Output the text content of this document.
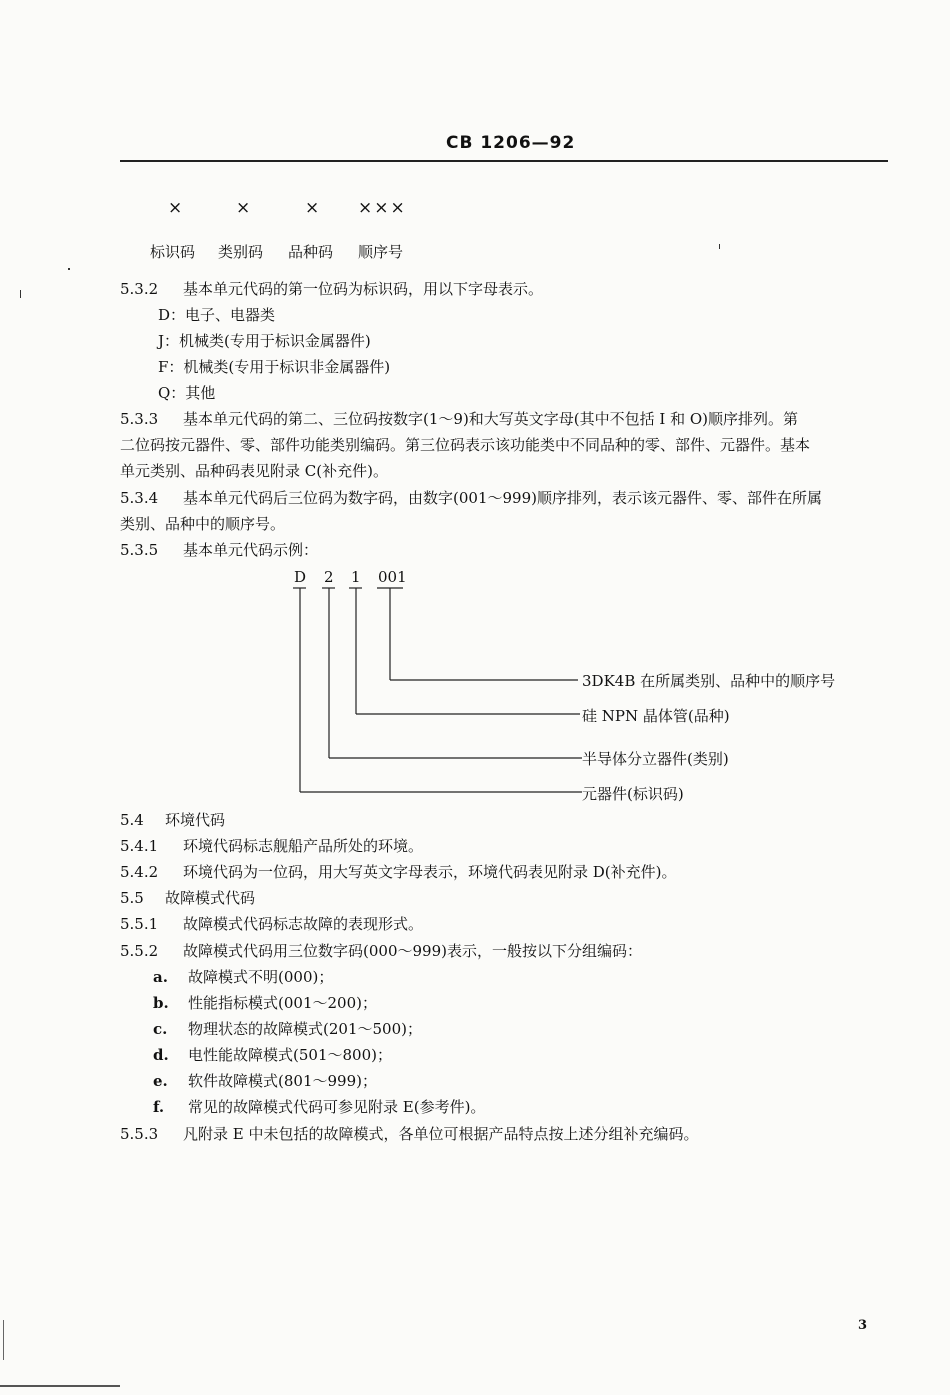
CB 1206—92
×	×	× ×××
标识码 类别码 品种码 顺序号
5.3.2 基本单元代码的第一位码为标识码，用以下字母表示。
D：电子、电器类
J：机械类(专用于标识金属器件)
F：机械类(专用于标识非金属器件)
Q：其他
5.3.3 基本单元代码的第二、三位码按数字(1～9)和大写英文字母(其中不包括 I 和 O)顺序排列。第
二位码按元器件、零、部件功能类别编码。第三位码表示该功能类中不同品种的零、部件、元器件。基本
单元类别、品种码表见附录 C(补充件)。
5.3.4 基本单元代码后三位码为数字码，由数字(001～999)顺序排列，表示该元器件、零、部件在所属
类别、品种中的顺序号。
5.3.5 基本单元代码示例：
D 2 1 001
3DK4B 在所属类别、品种中的顺序号
硅 NPN 晶体管(品种)
半导体分立器件(类别)
元器件(标识码)
5.4 环境代码
5.4.1 环境代码标志舰船产品所处的环境。
5.4.2 环境代码为一位码，用大写英文字母表示，环境代码表见附录 D(补充件)。
5.5 故障模式代码
5.5.1 故障模式代码标志故障的表现形式。
5.5.2 故障模式代码用三位数字码(000～999)表示，一般按以下分组编码：
a. 故障模式不明(000)；
b. 性能指标模式(001～200)；
c. 物理状态的故障模式(201～500)；
d. 电性能故障模式(501～800)；
e. 软件故障模式(801～999)；
f. 常见的故障模式代码可参见附录 E(参考件)。
5.5.3 凡附录 E 中未包括的故障模式，各单位可根据产品特点按上述分组补充编码。
3
